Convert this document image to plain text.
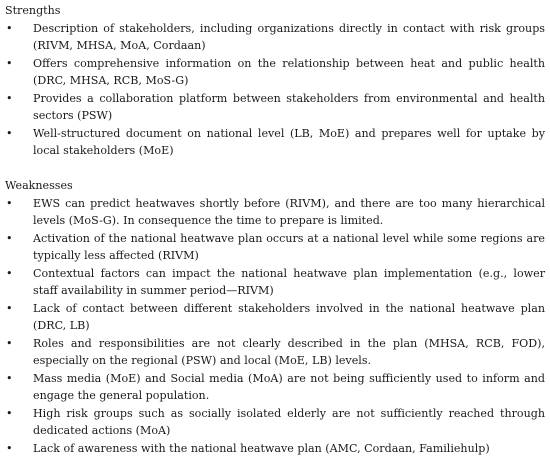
Strengths
• Description of stakeholders, including organizations directly in contact with risk groups (RIVM, MHSA, MoA, Cordaan)
• Offers comprehensive information on the relationship between heat and public health (DRC, MHSA, RCB, MoS-G)
• Provides a collaboration platform between stakeholders from environmental and health sectors (PSW)
• Well-structured document on national level (LB, MoE) and prepares well for uptake by local stakeholders (MoE)
Weaknesses
• EWS can predict heatwaves shortly before (RIVM), and there are too many hierarchical levels (MoS-G). In consequence the time to prepare is limited.
• Activation of the national heatwave plan occurs at a national level while some regions are typically less affected (RIVM)
• Contextual factors can impact the national heatwave plan implementation (e.g., lower staff availability in summer period—RIVM)
• Lack of contact between different stakeholders involved in the national heatwave plan (DRC, LB)
• Roles and responsibilities are not clearly described in the plan (MHSA, RCB, FOD), especially on the regional (PSW) and local (MoE, LB) levels.
• Mass media (MoE) and Social media (MoA) are not being sufficiently used to inform and engage the general population.
• High risk groups such as socially isolated elderly are not sufficiently reached through dedicated actions (MoA)
• Lack of awareness with the national heatwave plan (AMC, Cordaan, Familiehulp)
